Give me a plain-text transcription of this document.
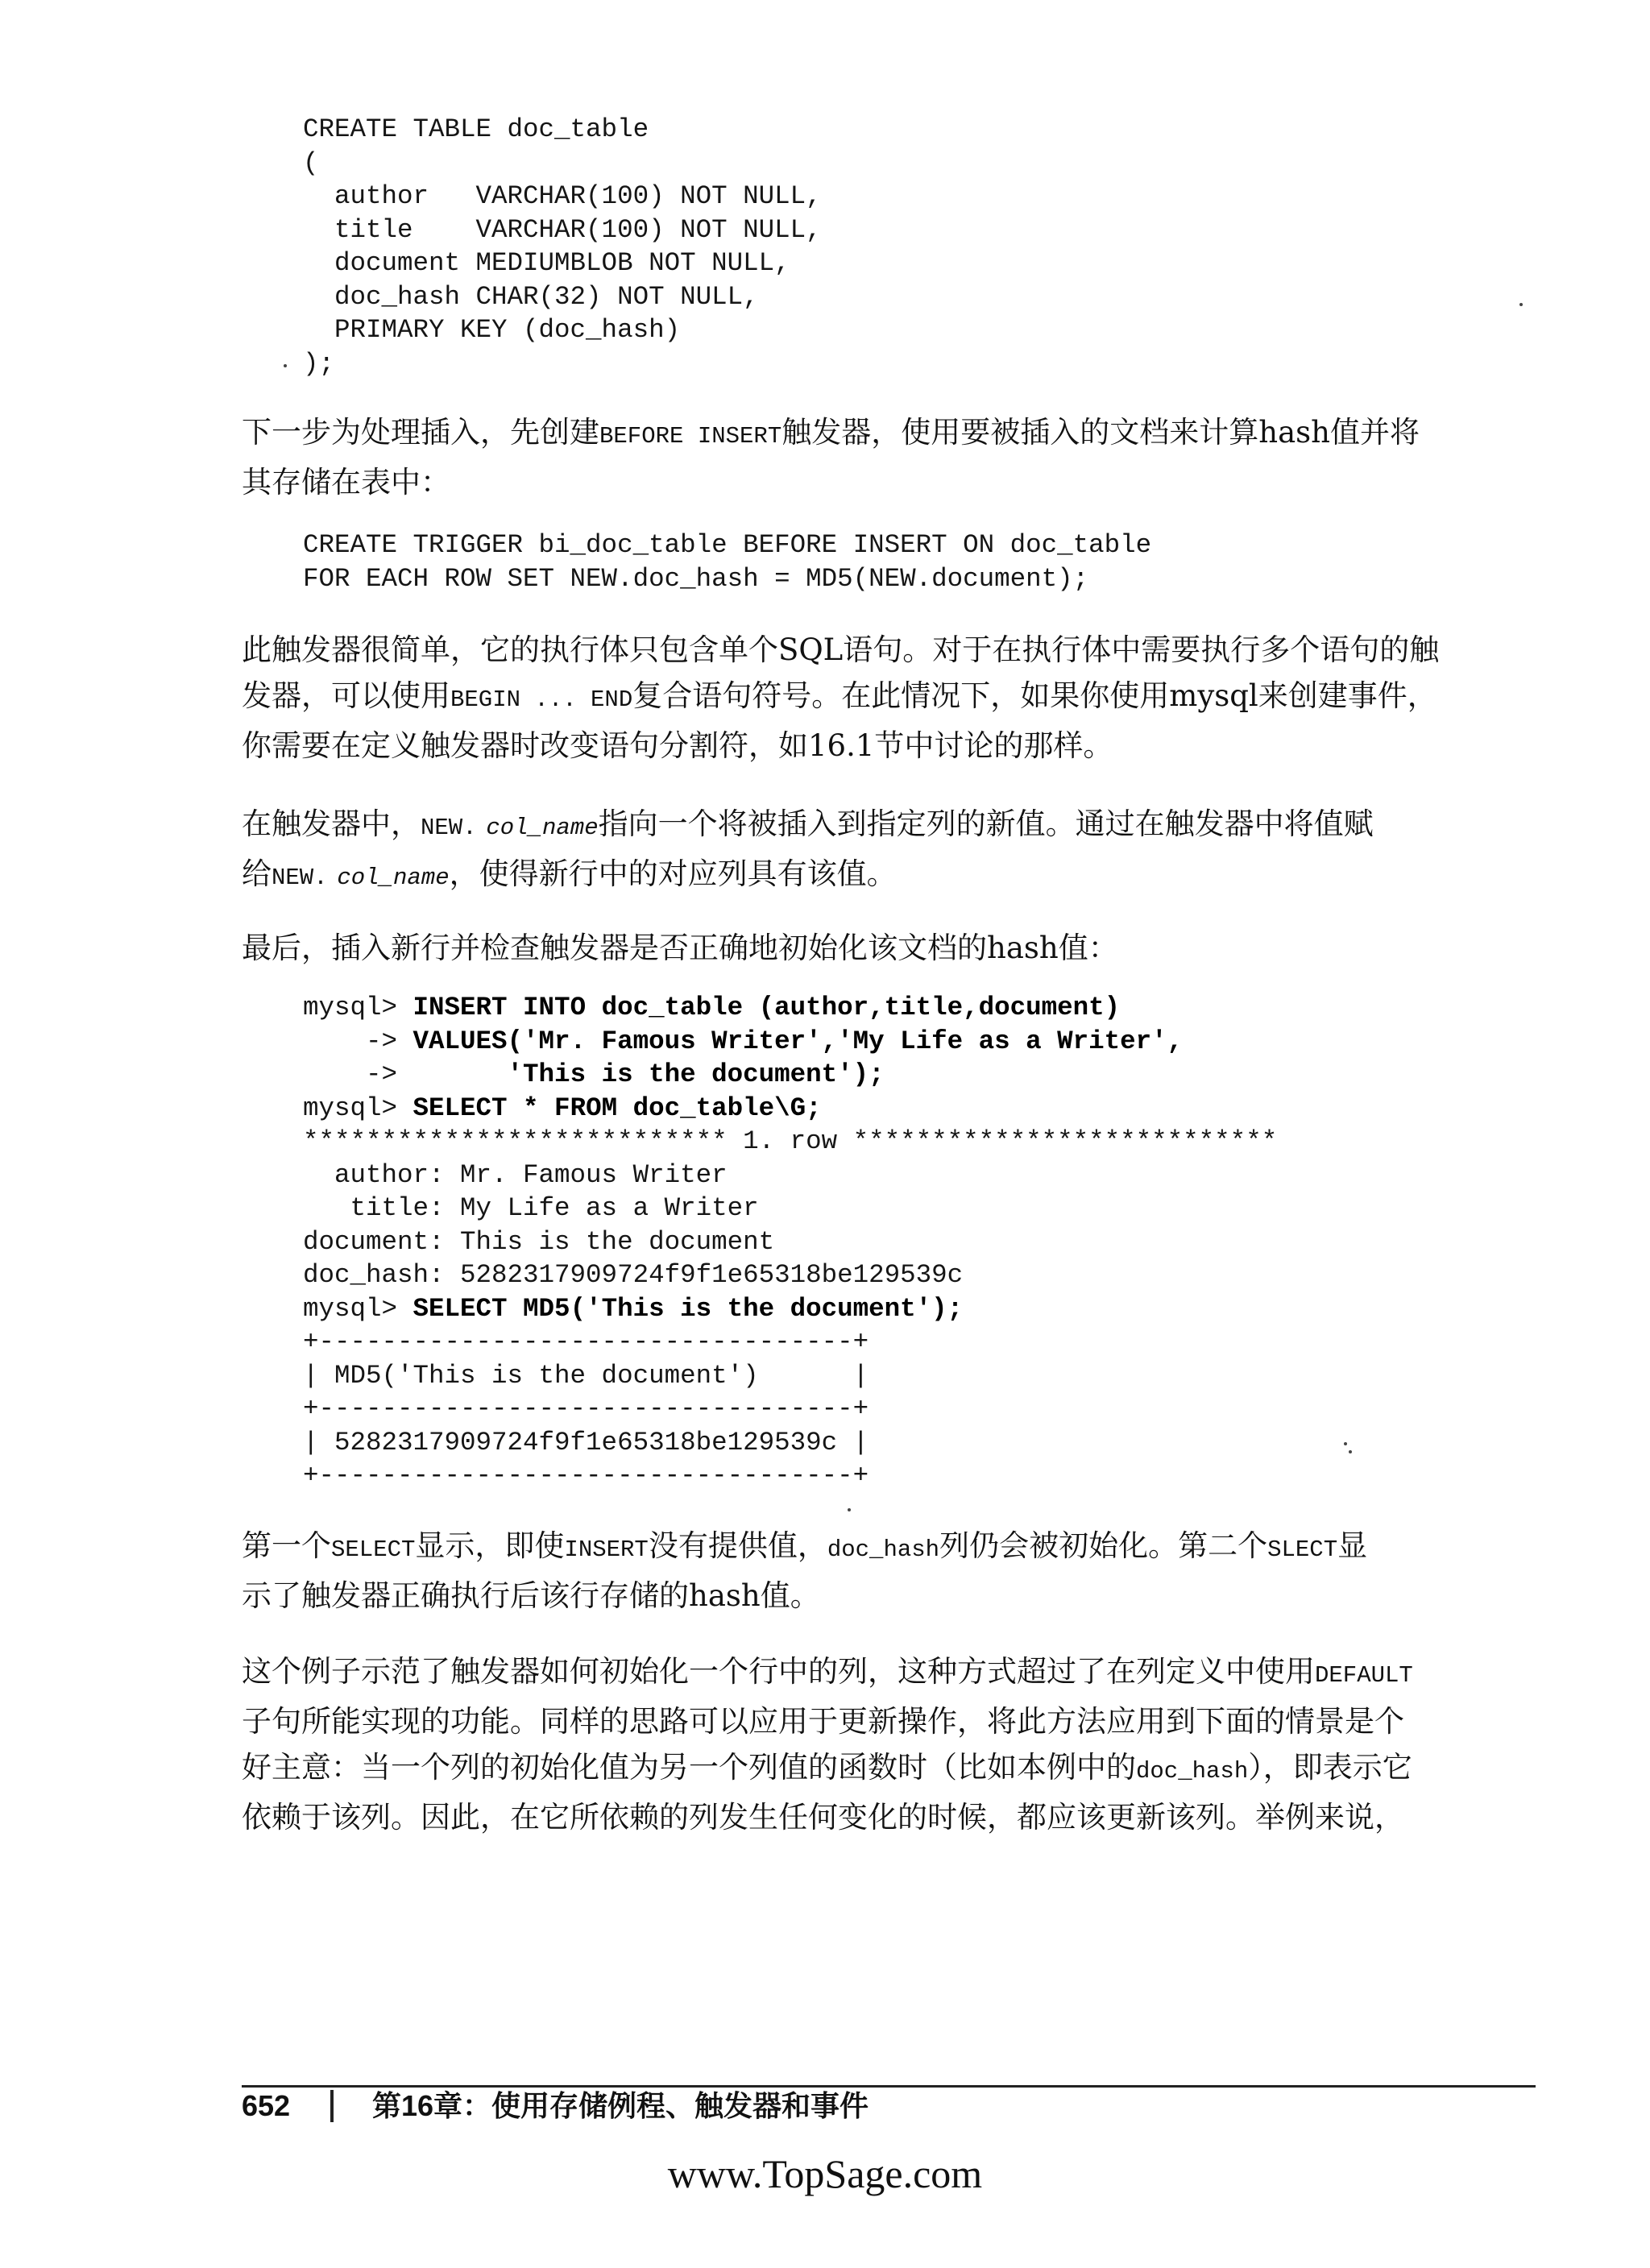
CREATE TABLE doc_table
(
author   VARCHAR(100) NOT NULL,
title    VARCHAR(100) NOT NULL,
document MEDIUMBLOB NOT NULL,
doc_hash CHAR(32) NOT NULL,
PRIMARY KEY (doc_hash)
);

下一步为处理插入，先创建BEFORE INSERT触发器，使用要被插入的文档来计算hash值并将
其存储在表中：

CREATE TRIGGER bi_doc_table BEFORE INSERT ON doc_table
FOR EACH ROW SET NEW.doc_hash = MD5(NEW.document);

此触发器很简单，它的执行体只包含单个SQL语句。对于在执行体中需要执行多个语句的触
发器，可以使用BEGIN ... END复合语句符号。在此情况下，如果你使用mysql来创建事件，
你需要在定义触发器时改变语句分割符，如16.1节中讨论的那样。

在触发器中，NEW. col_name指向一个将被插入到指定列的新值。通过在触发器中将值赋
给NEW. col_name，使得新行中的对应列具有该值。

最后，插入新行并检查触发器是否正确地初始化该文档的hash值：

mysql> INSERT INTO doc_table (author,title,document)
-> VALUES('Mr. Famous Writer','My Life as a Writer',
->       'This is the document');
mysql> SELECT * FROM doc_table\G;
*************************** 1. row ***************************
author: Mr. Famous Writer
title: My Life as a Writer
document: This is the document
doc_hash: 5282317909724f9f1e65318be129539c
mysql> SELECT MD5('This is the document');
+----------------------------------+
| MD5('This is the document')      |
+----------------------------------+
| 5282317909724f9f1e65318be129539c |
+----------------------------------+

第一个SELECT显示，即使INSERT没有提供值，doc_hash列仍会被初始化。第二个SLECT显
示了触发器正确执行后该行存储的hash值。

这个例子示范了触发器如何初始化一个行中的列，这种方式超过了在列定义中使用DEFAULT
子句所能实现的功能。同样的思路可以应用于更新操作，将此方法应用到下面的情景是个
好主意：当一个列的初始化值为另一个列值的函数时（比如本例中的doc_hash），即表示它
依赖于该列。因此，在它所依赖的列发生任何变化的时候，都应该更新该列。举例来说，

652	第16章：使用存储例程、触发器和事件
www.TopSage.com
